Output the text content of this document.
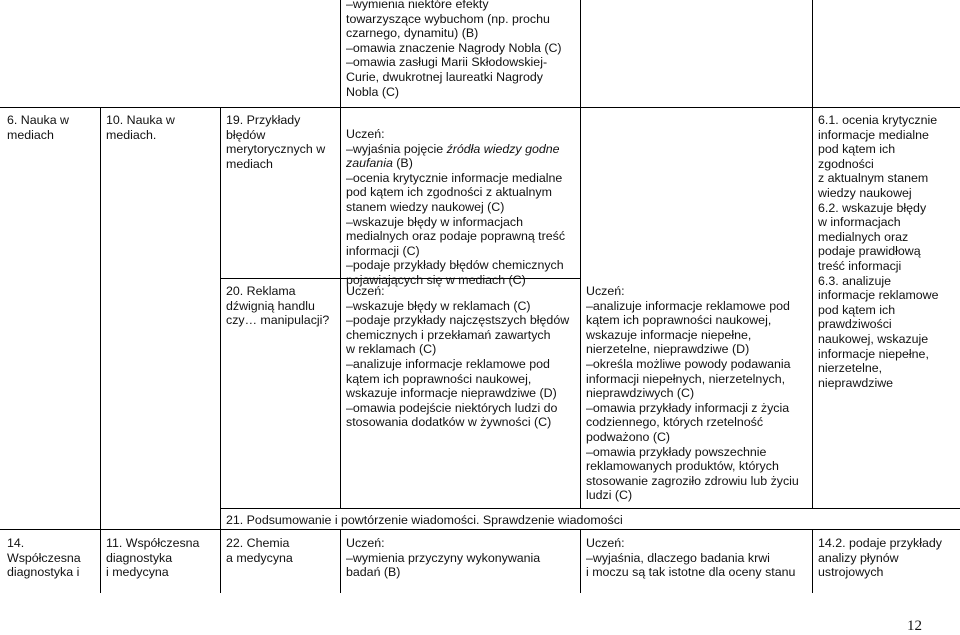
–wymienia niektóre efekty
towarzyszące wybuchom (np. prochu
czarnego, dynamitu) (B)
–omawia znaczenie Nagrody Nobla (C)
–omawia zasługi Marii Skłodowskiej-
Curie, dwukrotnej laureatki Nagrody
Nobla (C)
6. Nauka w
mediach
10. Nauka w
mediach.
19. Przykłady
błędów
merytorycznych w
mediach
20. Reklama
dźwignią handlu
czy… manipulacji?
Uczeń:
–wyjaśnia pojęcie źródła wiedzy godne
zaufania (B)
–ocenia krytycznie informacje medialne
pod kątem ich zgodności z aktualnym
stanem wiedzy naukowej (C)
–wskazuje błędy w informacjach
medialnych oraz podaje poprawną treść
informacji (C)
–podaje przykłady błędów chemicznych
pojawiających się w mediach (C)
Uczeń:
–wskazuje błędy w reklamach (C)
–podaje przykłady najczęstszych błędów
chemicznych i przekłamań zawartych
w reklamach (C)
–analizuje informacje reklamowe pod
kątem ich poprawności naukowej,
wskazuje informacje nieprawdziwe (D)
–omawia podejście niektórych ludzi do
stosowania dodatków w żywności (C)
Uczeń:
–analizuje informacje reklamowe pod
kątem ich poprawności naukowej,
wskazuje informacje niepełne,
nierzetelne, nieprawdziwe (D)
–określa możliwe powody podawania
informacji niepełnych, nierzetelnych,
nieprawdziwych (C)
–omawia przykłady informacji z życia
codziennego, których rzetelność
podważono (C)
–omawia przykłady powszechnie
reklamowanych produktów, których
stosowanie zagroziło zdrowiu lub życiu
ludzi (C)
6.1. ocenia krytycznie
informacje medialne
pod kątem ich
zgodności
z aktualnym stanem
wiedzy naukowej
6.2. wskazuje błędy
w informacjach
medialnych oraz
podaje prawidłową
treść informacji
6.3. analizuje
informacje reklamowe
pod kątem ich
prawdziwości
naukowej, wskazuje
informacje niepełne,
nierzetelne,
nieprawdziwe
21. Podsumowanie i powtórzenie wiadomości. Sprawdzenie wiadomości
14.
Współczesna
diagnostyka i
11. Współczesna
diagnostyka
i medycyna
22. Chemia
a medycyna
Uczeń:
–wymienia przyczyny wykonywania
badań (B)
Uczeń:
–wyjaśnia, dlaczego badania krwi
i moczu są tak istotne dla oceny stanu
14.2. podaje przykłady
analizy płynów
ustrojowych
12
